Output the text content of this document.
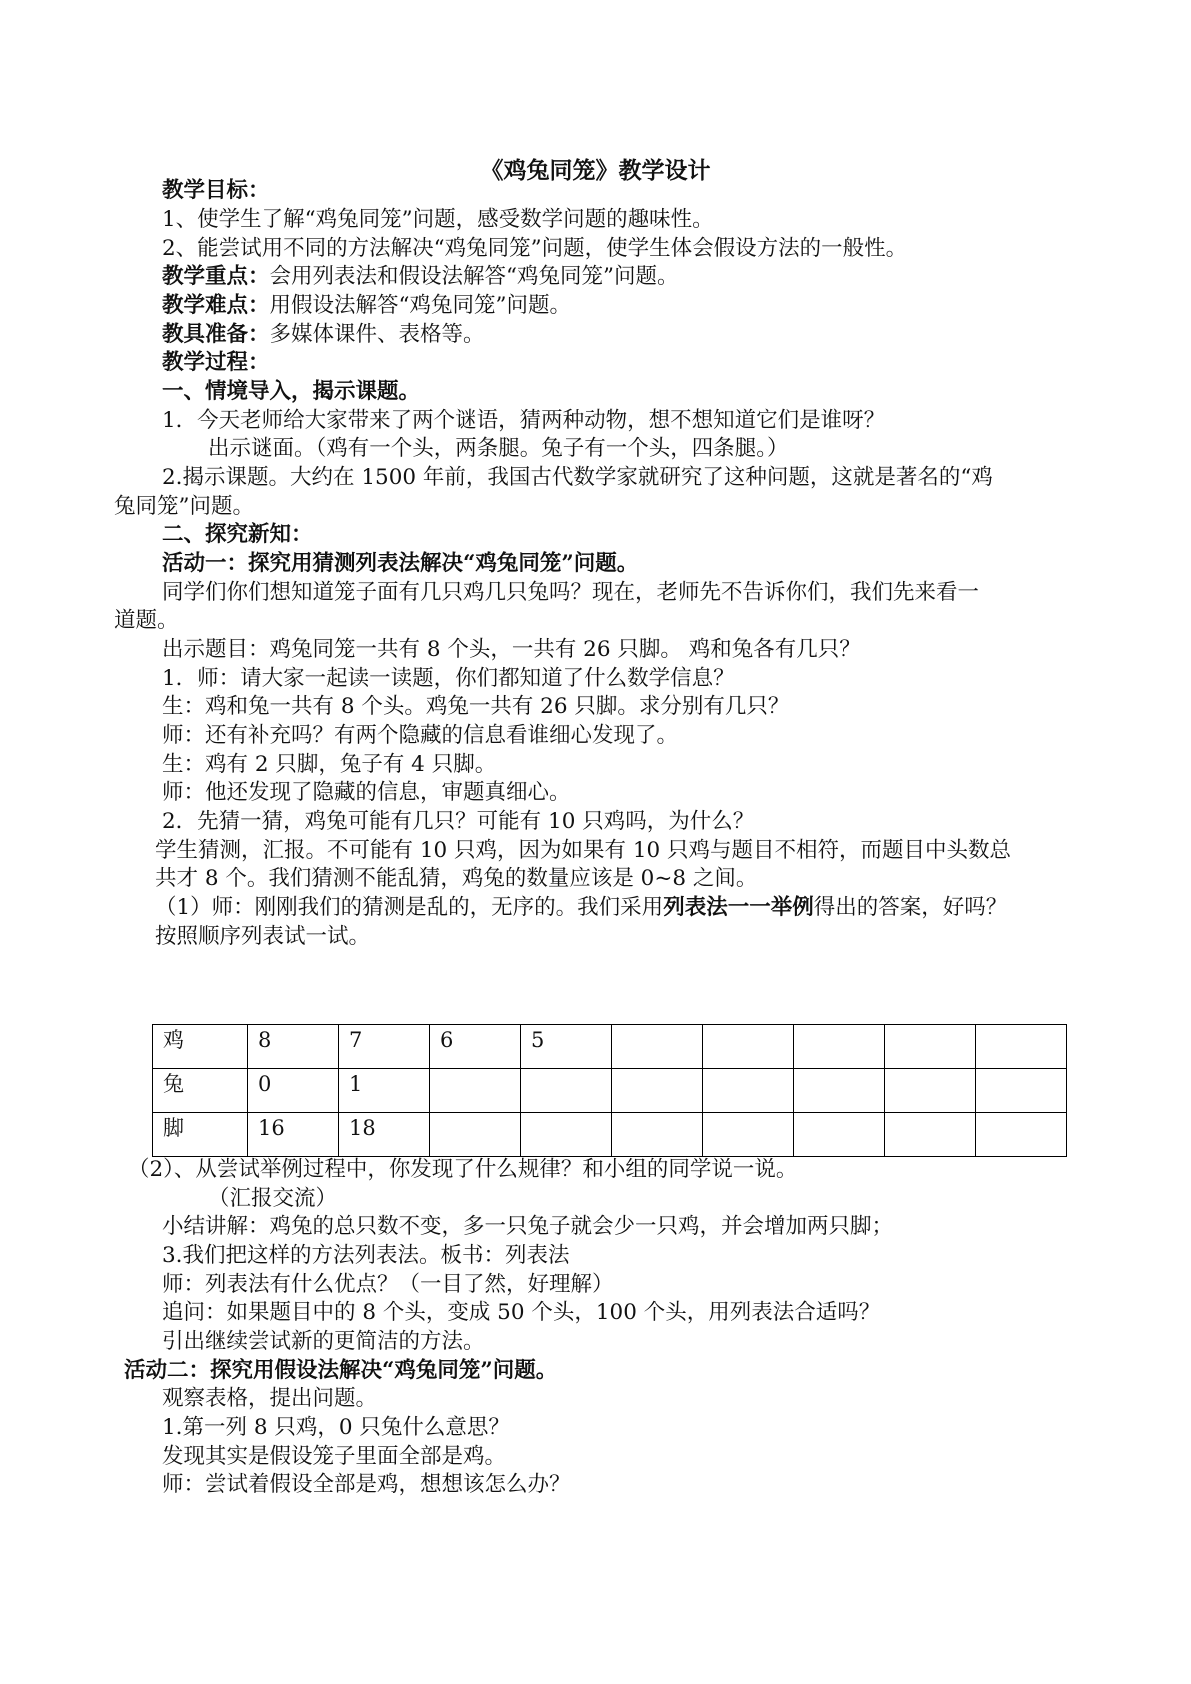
《鸡兔同笼》教学设计
教学目标：
1、使学生了解“鸡兔同笼”问题，感受数学问题的趣味性。
2、能尝试用不同的方法解决“鸡兔同笼”问题，使学生体会假设方法的一般性。
教学重点：会用列表法和假设法解答“鸡兔同笼”问题。
教学难点：用假设法解答“鸡兔同笼”问题。
教具准备：多媒体课件、表格等。
教学过程：
一、情境导入，揭示课题。
1．今天老师给大家带来了两个谜语，猜两种动物，想不想知道它们是谁呀？
出示谜面。（鸡有一个头，两条腿。兔子有一个头，四条腿。）
2.揭示课题。大约在 1500 年前，我国古代数学家就研究了这种问题，这就是著名的“鸡
兔同笼”问题。
二、探究新知：
活动一：探究用猜测列表法解决“鸡兔同笼”问题。
同学们你们想知道笼子面有几只鸡几只兔吗？现在，老师先不告诉你们，我们先来看一
道题。
出示题目：鸡兔同笼一共有 8 个头，一共有 26 只脚。 鸡和兔各有几只？
1．师：请大家一起读一读题，你们都知道了什么数学信息？
生：鸡和兔一共有 8 个头。鸡兔一共有 26 只脚。求分别有几只？
师：还有补充吗？有两个隐藏的信息看谁细心发现了。
生：鸡有 2 只脚，兔子有 4 只脚。
师：他还发现了隐藏的信息，审题真细心。
2．先猜一猜，鸡兔可能有几只？可能有 10 只鸡吗，为什么？
学生猜测，汇报。不可能有 10 只鸡，因为如果有 10 只鸡与题目不相符，而题目中头数总
共才 8 个。我们猜测不能乱猜，鸡兔的数量应该是 0~8 之间。
（1）师：刚刚我们的猜测是乱的，无序的。我们采用列表法一一举例得出的答案，好吗？
按照顺序列表试一试。
鸡	8	7	6	5					
兔	0	1							
脚	16	18							
（2）、从尝试举例过程中，你发现了什么规律？和小组的同学说一说。
（汇报交流）
小结讲解：鸡兔的总只数不变，多一只兔子就会少一只鸡，并会增加两只脚；
3.我们把这样的方法列表法。板书：列表法
师：列表法有什么优点？（一目了然，好理解）
追问：如果题目中的 8 个头，变成 50 个头，100 个头，用列表法合适吗？
引出继续尝试新的更简洁的方法。
活动二：探究用假设法解决“鸡兔同笼”问题。
观察表格，提出问题。
1.第一列 8 只鸡，0 只兔什么意思？
发现其实是假设笼子里面全部是鸡。
师：尝试着假设全部是鸡，想想该怎么办？
